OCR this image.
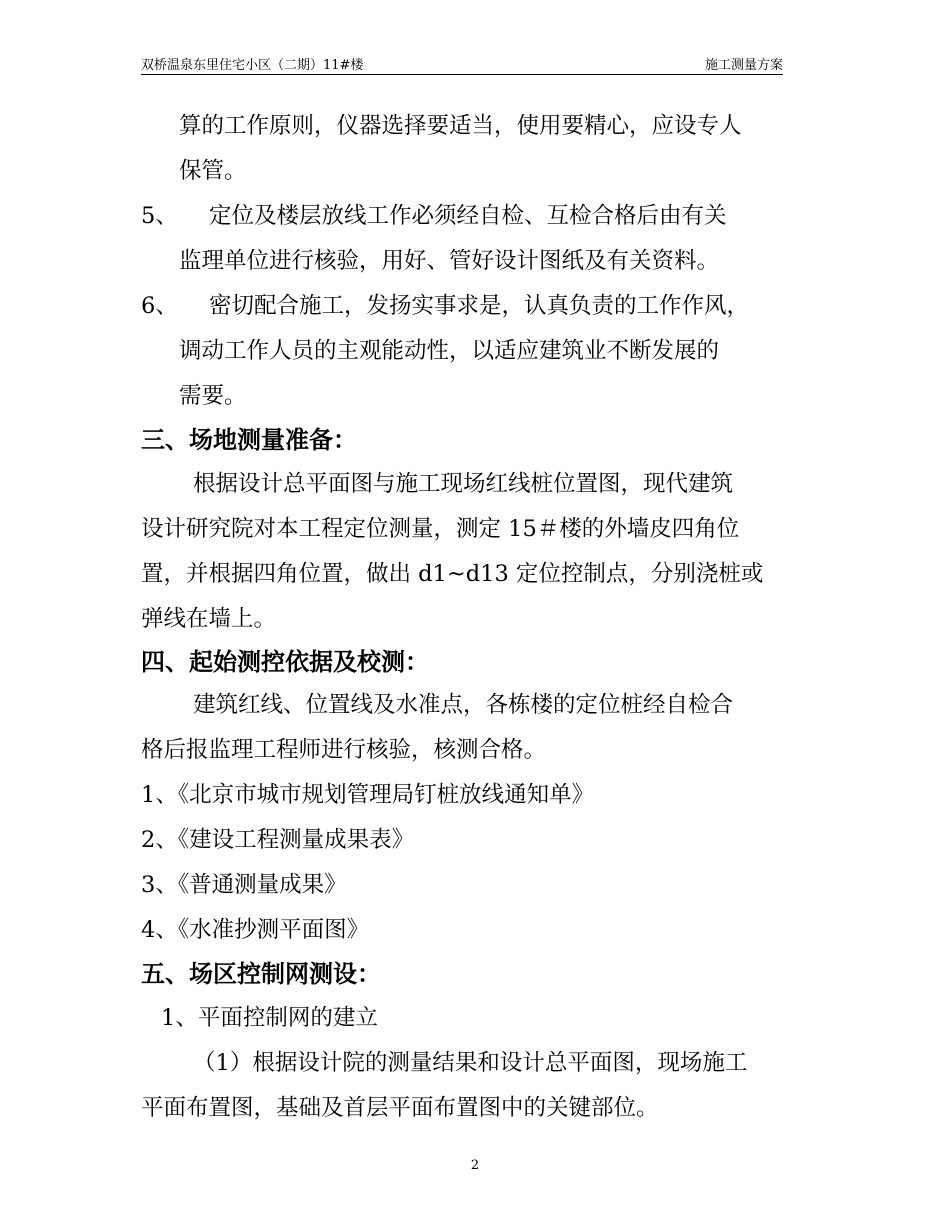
双桥温泉东里住宅小区（二期）11#楼	施工测量方案
算的工作原则，仪器选择要适当，使用要精心，应设专人
保管。
5、 定位及楼层放线工作必须经自检、互检合格后由有关
监理单位进行核验，用好、管好设计图纸及有关资料。
6、 密切配合施工，发扬实事求是，认真负责的工作作风，
调动工作人员的主观能动性，以适应建筑业不断发展的
需要。
三、场地测量准备：
根据设计总平面图与施工现场红线桩位置图，现代建筑
设计研究院对本工程定位测量，测定 15＃楼的外墙皮四角位
置，并根据四角位置，做出 d1~d13 定位控制点，分别浇桩或
弹线在墙上。
四、起始测控依据及校测：
建筑红线、位置线及水准点，各栋楼的定位桩经自检合
格后报监理工程师进行核验，核测合格。
1、《北京市城市规划管理局钉桩放线通知单》
2、《建设工程测量成果表》
3、《普通测量成果》
4、《水准抄测平面图》
五、场区控制网测设：
1、平面控制网的建立
（1）根据设计院的测量结果和设计总平面图，现场施工
平面布置图，基础及首层平面布置图中的关键部位。
2
